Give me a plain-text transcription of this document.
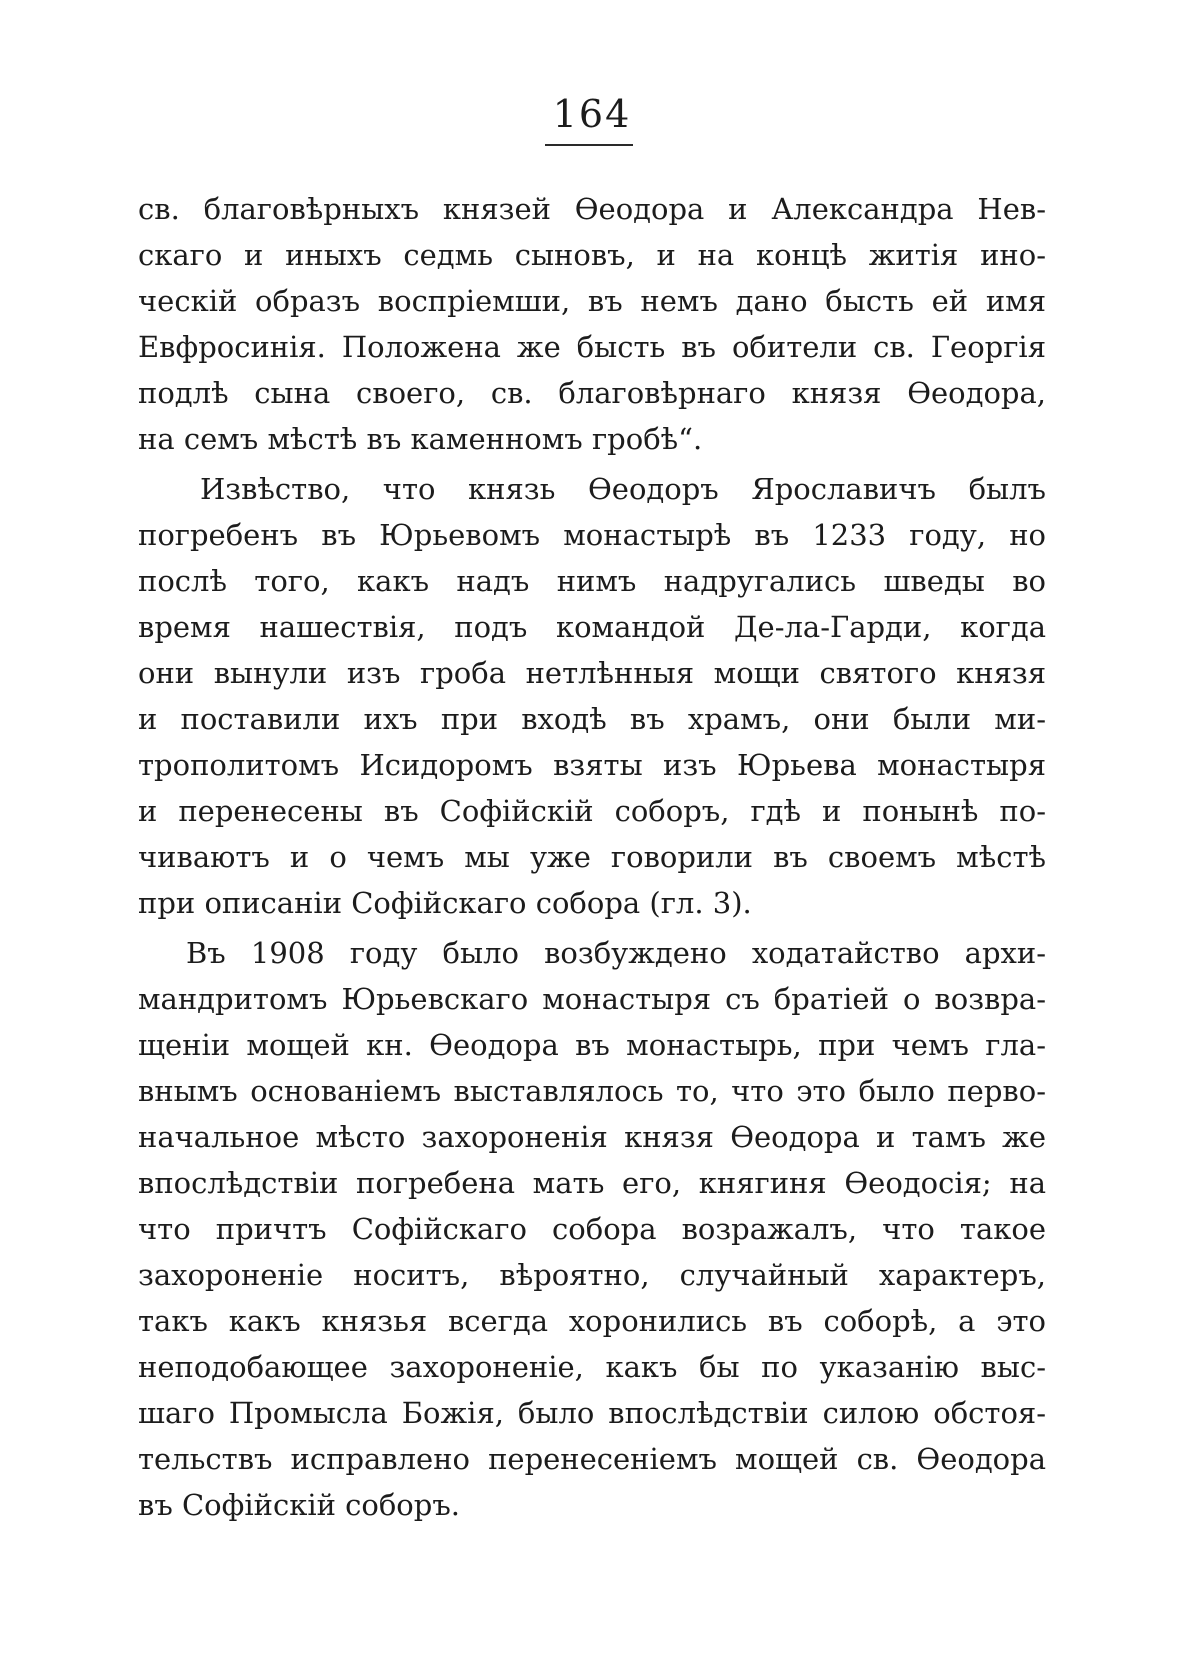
164
св. благовѣрныхъ князей Ѳеодора и Александра Нев-
скаго и иныхъ седмь сыновъ, и на концѣ житія ино-
ческій образъ воспріемши, въ немъ дано бысть ей имя
Евфросинія. Положена же бысть въ обители св. Георгія
подлѣ сына своего, св. благовѣрнаго князя Ѳеодора,
на семъ мѣстѣ въ каменномъ гробѣ“.
Извѣство, что князь Ѳеодоръ Ярославичъ былъ
погребенъ въ Юрьевомъ монастырѣ въ 1233 году, но
послѣ того, какъ надъ нимъ надругались шведы во
время нашествія, подъ командой Де-ла-Гарди, когда
они вынули изъ гроба нетлѣнныя мощи святого князя
и поставили ихъ при входѣ въ храмъ, они были ми-
трополитомъ Исидоромъ взяты изъ Юрьева монастыря
и перенесены въ Софійскій соборъ, гдѣ и понынѣ по-
чиваютъ и о чемъ мы уже говорили въ своемъ мѣстѣ
при описаніи Софійскаго собора (гл. 3).
Въ 1908 году было возбуждено ходатайство архи-
мандритомъ Юрьевскаго монастыря съ братіей о возвра-
щеніи мощей кн. Ѳеодора въ монастырь, при чемъ гла-
внымъ основаніемъ выставлялось то, что это было перво-
начальное мѣсто захороненія князя Ѳеодора и тамъ же
впослѣдствіи погребена мать его, княгиня Ѳеодосія; на
что причтъ Софійскаго собора возражалъ, что такое
захороненіе носитъ, вѣроятно, случайный характеръ,
такъ какъ князья всегда хоронились въ соборѣ, а это
неподобающее захороненіе, какъ бы по указанію выс-
шаго Промысла Божія, было впослѣдствіи силою обстоя-
тельствъ исправлено перенесеніемъ мощей св. Ѳеодора
въ Софійскій соборъ.
